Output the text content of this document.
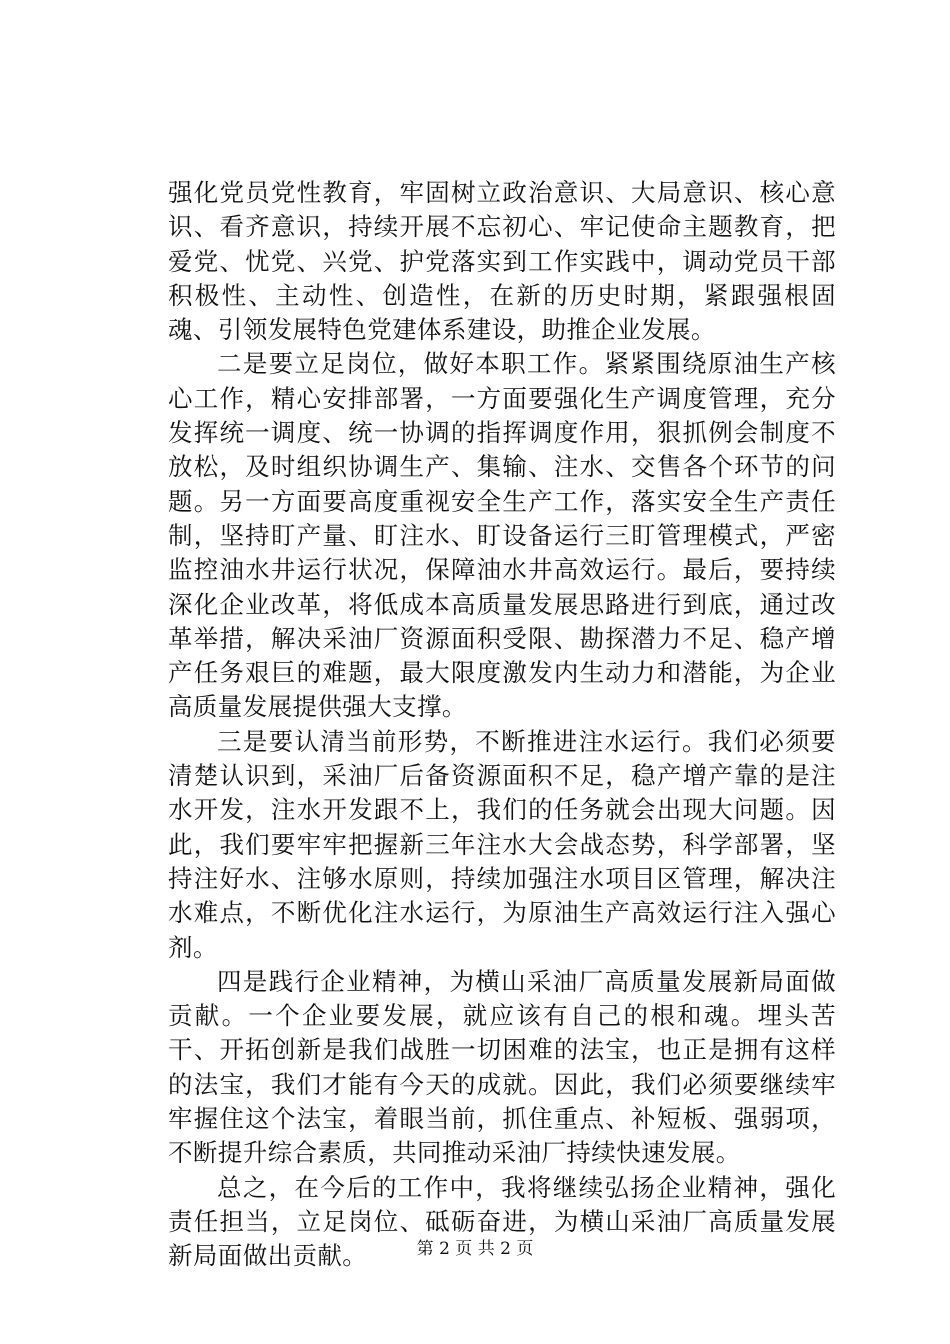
强化党员党性教育，牢固树立政治意识、大局意识、核心意识、看齐意识，持续开展不忘初心、牢记使命主题教育，把爱党、忧党、兴党、护党落实到工作实践中，调动党员干部积极性、主动性、创造性，在新的历史时期，紧跟强根固魂、引领发展特色党建体系建设，助推企业发展。

二是要立足岗位，做好本职工作。紧紧围绕原油生产核心工作，精心安排部署，一方面要强化生产调度管理，充分发挥统一调度、统一协调的指挥调度作用，狠抓例会制度不放松，及时组织协调生产、集输、注水、交售各个环节的问题。另一方面要高度重视安全生产工作，落实安全生产责任制，坚持盯产量、盯注水、盯设备运行三盯管理模式，严密监控油水井运行状况，保障油水井高效运行。最后，要持续深化企业改革，将低成本高质量发展思路进行到底，通过改革举措，解决采油厂资源面积受限、勘探潜力不足、稳产增产任务艰巨的难题，最大限度激发内生动力和潜能，为企业高质量发展提供强大支撑。

三是要认清当前形势，不断推进注水运行。我们必须要清楚认识到，采油厂后备资源面积不足，稳产增产靠的是注水开发，注水开发跟不上，我们的任务就会出现大问题。因此，我们要牢牢把握新三年注水大会战态势，科学部署，坚持注好水、注够水原则，持续加强注水项目区管理，解决注水难点，不断优化注水运行，为原油生产高效运行注入强心剂。

四是践行企业精神，为横山采油厂高质量发展新局面做贡献。一个企业要发展，就应该有自己的根和魂。埋头苦干、开拓创新是我们战胜一切困难的法宝，也正是拥有这样的法宝，我们才能有今天的成就。因此，我们必须要继续牢牢握住这个法宝，着眼当前，抓住重点、补短板、强弱项，不断提升综合素质，共同推动采油厂持续快速发展。

总之，在今后的工作中，我将继续弘扬企业精神，强化责任担当，立足岗位、砥砺奋进，为横山采油厂高质量发展新局面做出贡献。	第 2 页 共 2 页
